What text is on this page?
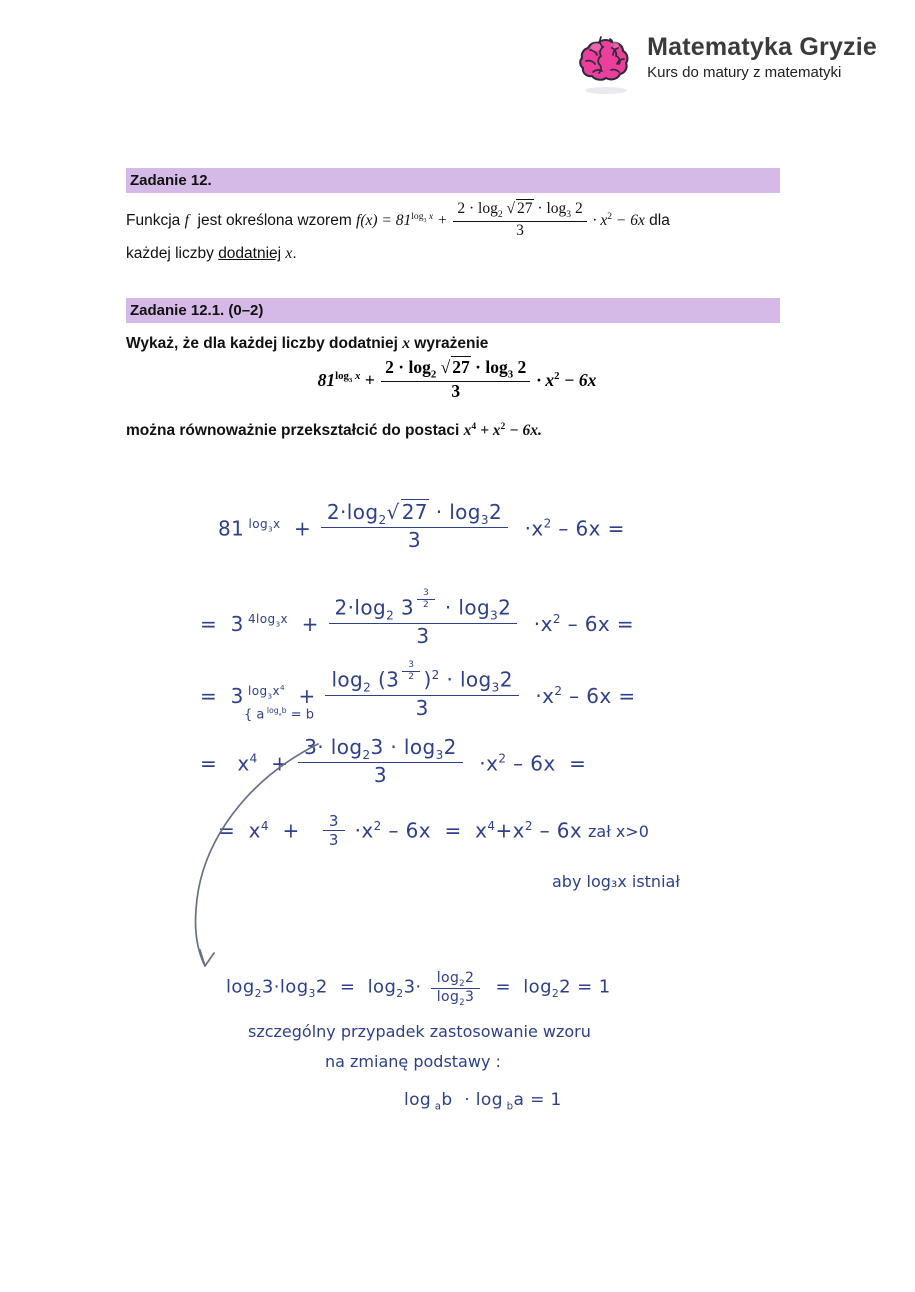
Matematyka Gryzie
Kurs do matury z matematyki
Zadanie 12.
Funkcja f jest określona wzorem $f(x) = 81^{log_3 x} + \frac{2 \cdot \log_2 √ 27 \cdot \log_3 2}{3} \cdot x^2 - 6x$ dla
każdej liczby dodatniej x.
Zadanie 12.1. (0–2)
Wykaż, że dla każdej liczby dodatniej x wyrażenie
$81^{log_3 x} + \frac{2 \cdot \log_2 √ 27 \cdot \log_3 2}{3} \cdot x^2 - 6x$
można równoważnie przekształcić do postaci $x^4 + x^2 - 6x$.
81 $^{log_3x} + \frac{2\cdot\log_2√ 27 \cdot \log_32}{3} \cdot x^2 - 6x$ =
=  3 $^{4log_3x} + 2\cdot\log_2$ 3 $^{\frac{3}{2}} \cdot \log_32$
$3 \cdot x^2 - 6x$ =
=  3 $^{log_3x^4} + \log_2 (3$ $^{\frac{3}{2}}$ )$^2 \cdot \log_32$
$3 \cdot x^2 - 6x$ =
{ a $^{log_ab}$ = b
=   $x^4 + \frac{3\cdot \log_23 \cdot \log_32}{3} \cdot x^2 - 6x$  =
=  $x^4 + \frac{3}{3} \cdot x^2 - 6x = x^4+x^2 - 6x$ zał x>0
aby log₃x istniał
$\log_23\cdot\log_32 = \log_23\cdot \frac{\log_22}{\log_23} = \log_22 = 1$
szczególny przypadek zastosowanie wzoru
na zmianę podstawy :
log $_a$b  · log $_b$a = 1
